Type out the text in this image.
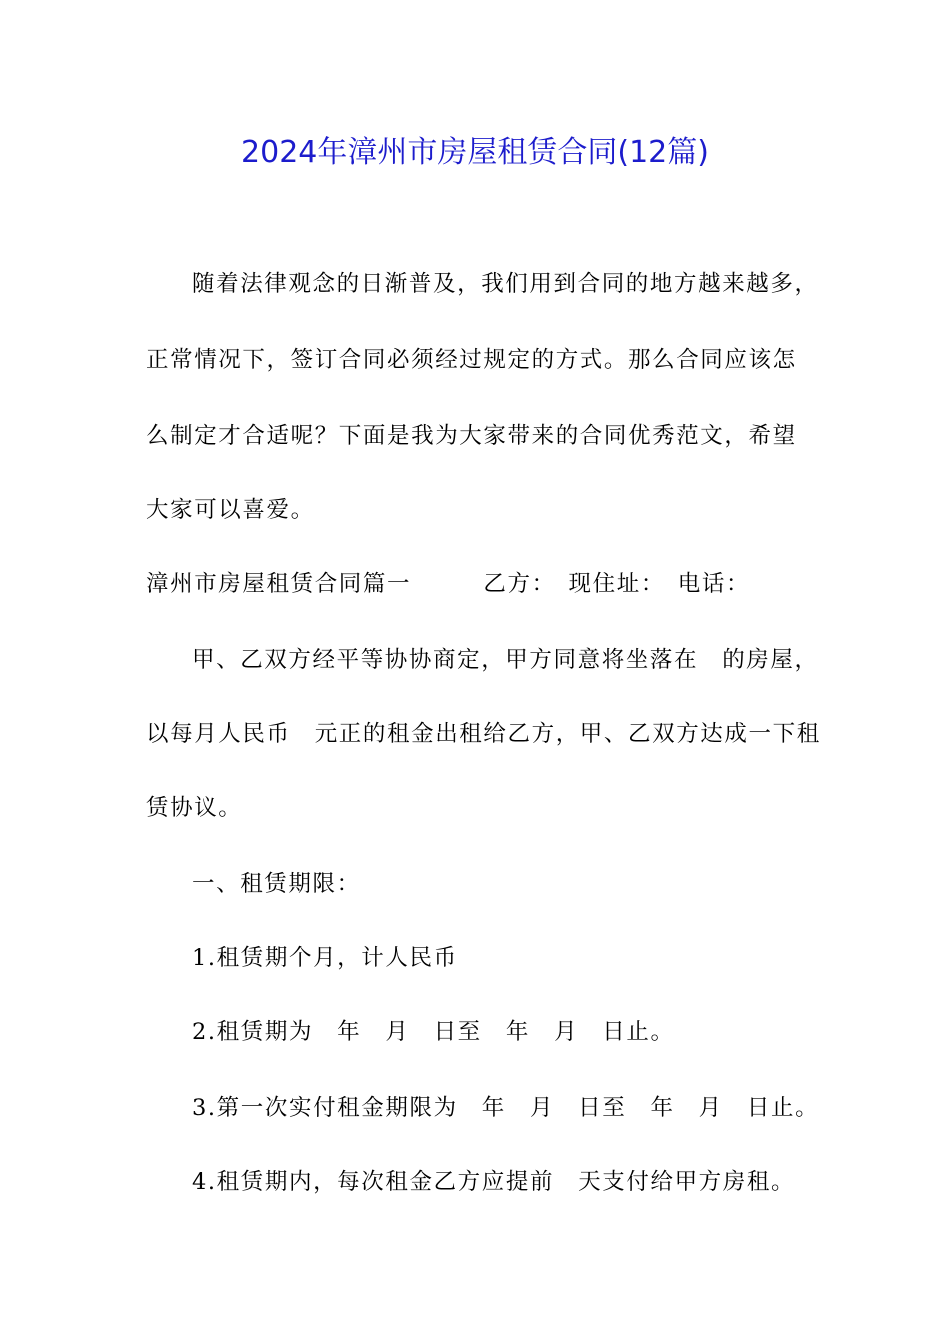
2024年漳州市房屋租赁合同(12篇)
随着法律观念的日渐普及，我们用到合同的地方越来越多，
正常情况下，签订合同必须经过规定的方式。那么合同应该怎
么制定才合适呢？下面是我为大家带来的合同优秀范文，希望
大家可以喜爱。
漳州市房屋租赁合同篇一　　　乙方：　现住址：　电话：
甲、乙双方经平等协协商定，甲方同意将坐落在　的房屋，
以每月人民币　元正的租金出租给乙方，甲、乙双方达成一下租
赁协议。
一、租赁期限：
1.租赁期个月，计人民币
2.租赁期为　年　月　日至　年　月　日止。
3.第一次实付租金期限为　年　月　日至　年　月　日止。
4.租赁期内，每次租金乙方应提前　天支付给甲方房租。
